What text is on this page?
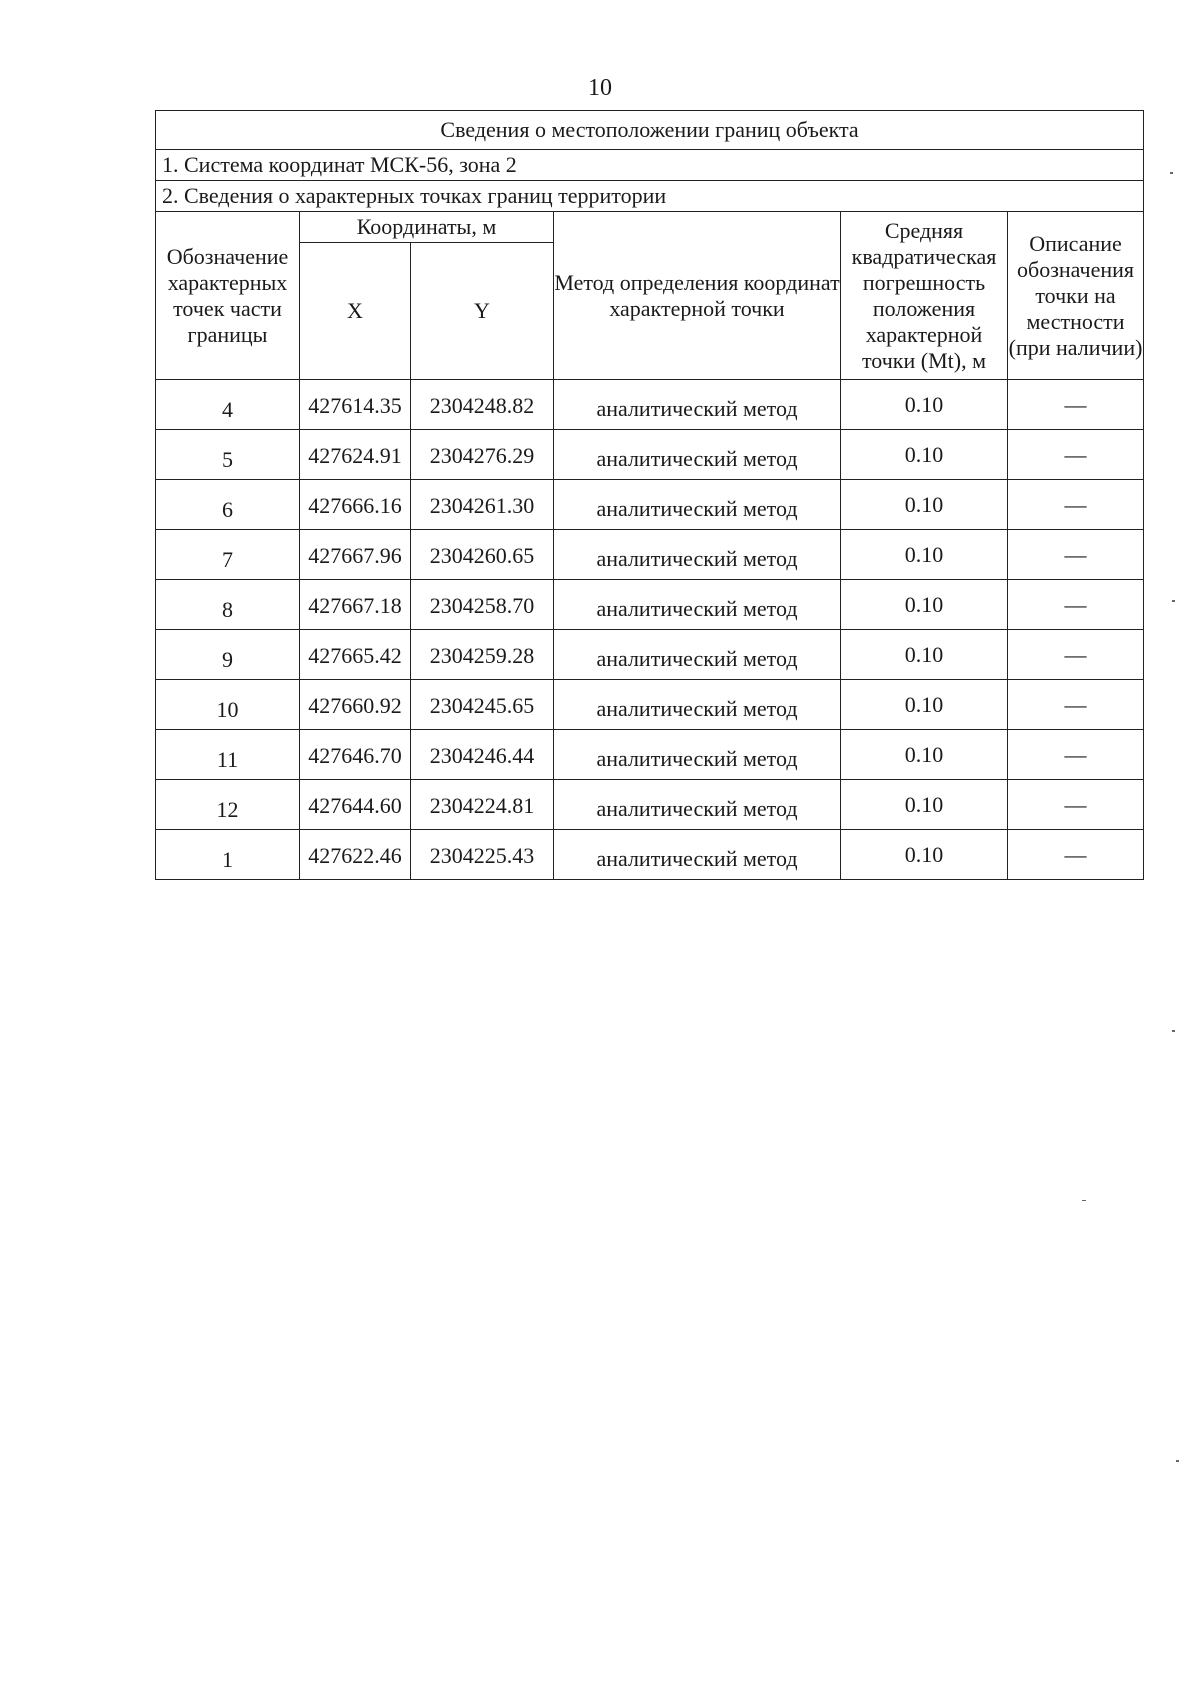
10
Сведения о местоположении границ объекта					
1. Система координат МСК-56, зона 2					
2. Сведения о характерных точках границ территории					
Обозначение характерных точек части границы	Координаты, м		Метод определения координат характерной точки	Средняя квадратическая погрешность положения характерной точки (Mt), м	Описание обозначения точки на местности (при наличии)
	X	Y			
4	427614.35	2304248.82	аналитический метод	0.10	—
5	427624.91	2304276.29	аналитический метод	0.10	—
6	427666.16	2304261.30	аналитический метод	0.10	—
7	427667.96	2304260.65	аналитический метод	0.10	—
8	427667.18	2304258.70	аналитический метод	0.10	—
9	427665.42	2304259.28	аналитический метод	0.10	—
10	427660.92	2304245.65	аналитический метод	0.10	—
11	427646.70	2304246.44	аналитический метод	0.10	—
12	427644.60	2304224.81	аналитический метод	0.10	—
1	427622.46	2304225.43	аналитический метод	0.10	—
